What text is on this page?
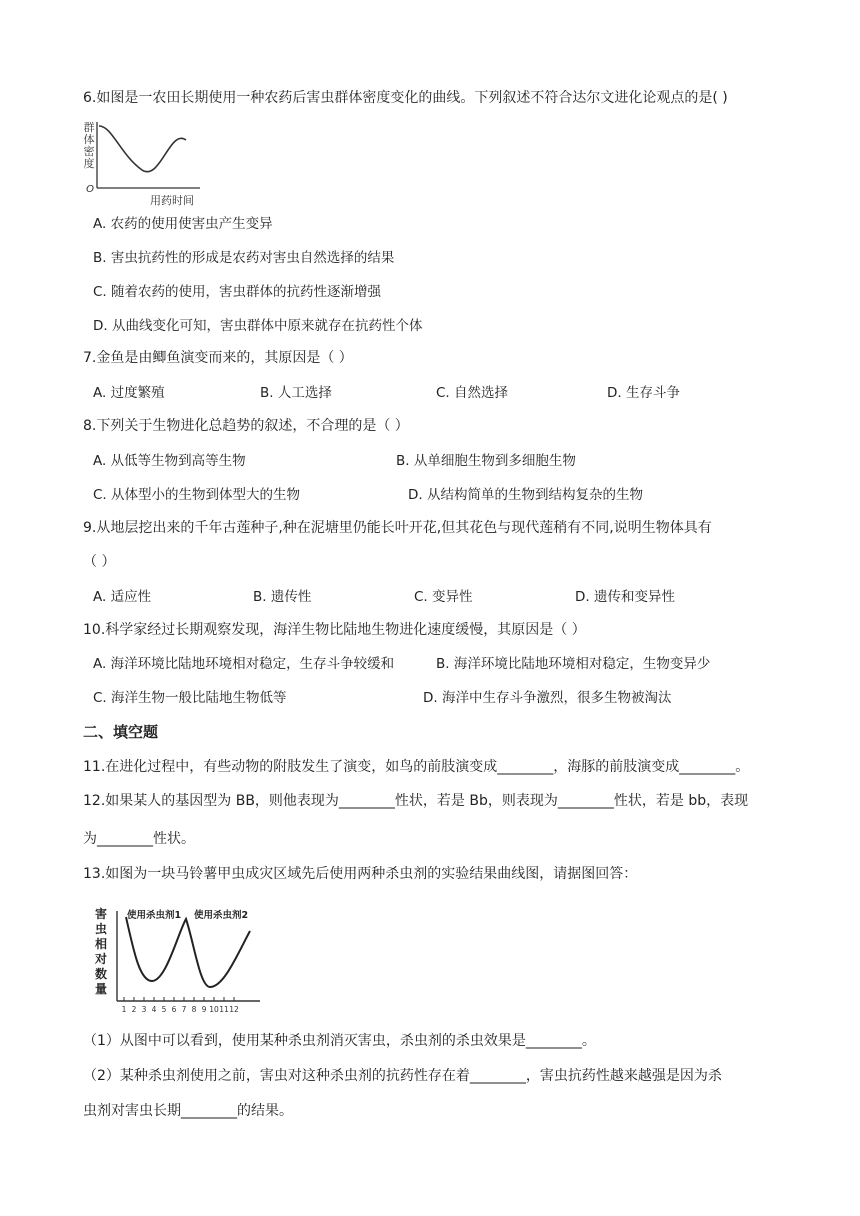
6.如图是一农田长期使用一种农药后害虫群体密度变化的曲线。下列叙述不符合达尔文进化论观点的是( )
群
体
密
度
O
用药时间
A. 农药的使用使害虫产生变异
B. 害虫抗药性的形成是农药对害虫自然选择的结果
C. 随着农药的使用，害虫群体的抗药性逐渐增强
D. 从曲线变化可知，害虫群体中原来就存在抗药性个体
7.金鱼是由鲫鱼演变而来的，其原因是（ ）
A. 过度繁殖	B. 人工选择	C. 自然选择	D. 生存斗争
8.下列关于生物进化总趋势的叙述，不合理的是（ ）
A. 从低等生物到高等生物	B. 从单细胞生物到多细胞生物
C. 从体型小的生物到体型大的生物	D. 从结构简单的生物到结构复杂的生物
9.从地层挖出来的千年古莲种子,种在泥塘里仍能长叶开花,但其花色与现代莲稍有不同,说明生物体具有
（ ）
A. 适应性	B. 遗传性	C. 变异性	D. 遗传和变异性
10.科学家经过长期观察发现，海洋生物比陆地生物进化速度缓慢，其原因是（ ）
A. 海洋环境比陆地环境相对稳定，生存斗争较缓和	B. 海洋环境比陆地环境相对稳定，生物变异少
C. 海洋生物一般比陆地生物低等	D. 海洋中生存斗争激烈，很多生物被淘汰
二、填空题
11.在进化过程中，有些动物的附肢发生了演变，如鸟的前肢演变成________，海豚的前肢演变成________。
12.如果某人的基因型为 BB，则他表现为________性状，若是 Bb，则表现为________性状，若是 bb，表现
为________性状。
13.如图为一块马铃薯甲虫成灾区域先后使用两种杀虫剂的实验结果曲线图，请据图回答：
害
虫
相
对
数
量
使用杀虫剂1 使用杀虫剂2
1 2 3 4 5 6 7 8 9 10 11 12
（1）从图中可以看到，使用某种杀虫剂消灭害虫，杀虫剂的杀虫效果是________。
（2）某种杀虫剂使用之前，害虫对这种杀虫剂的抗药性存在着________，害虫抗药性越来越强是因为杀
虫剂对害虫长期________的结果。
